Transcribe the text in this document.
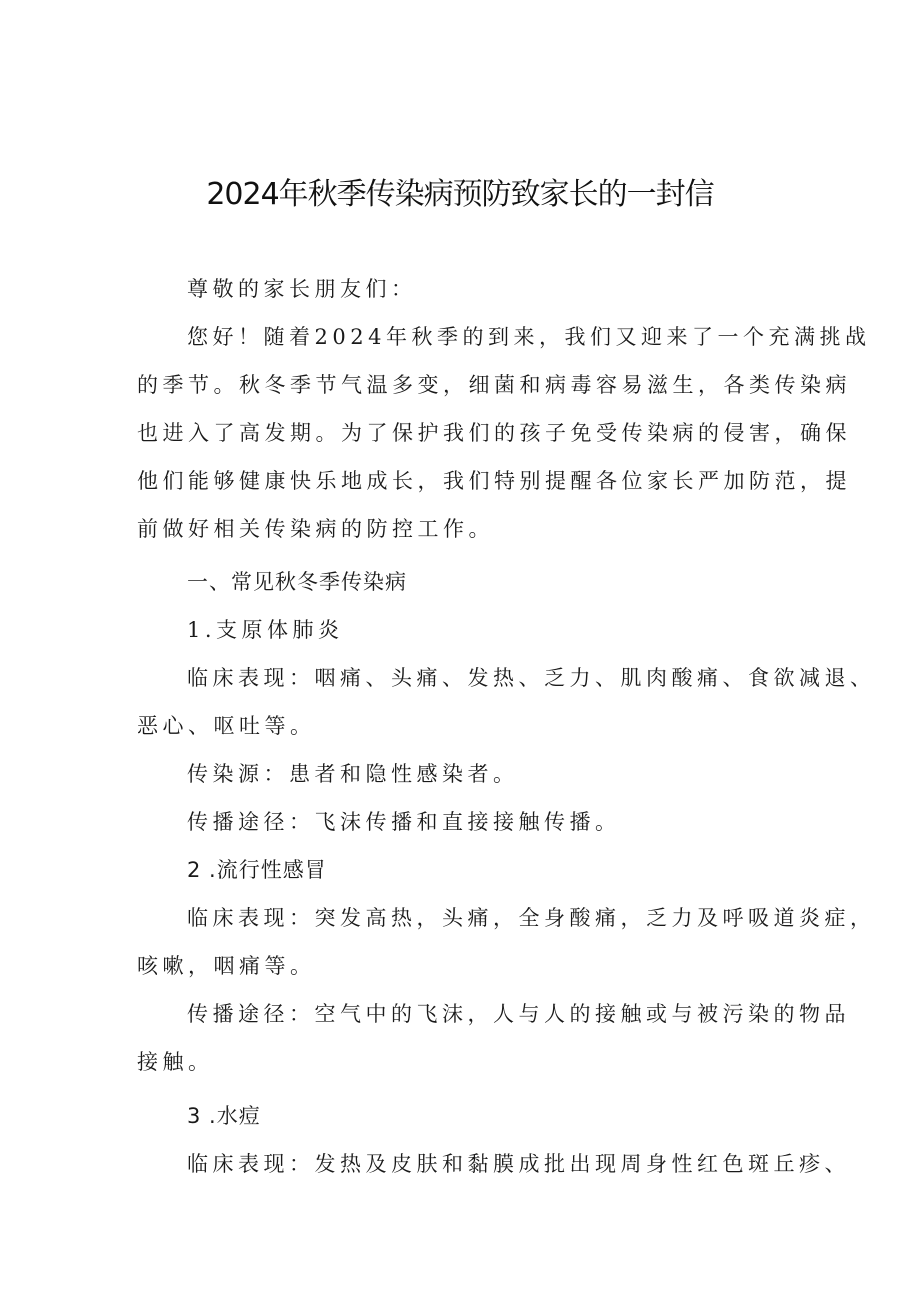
2024年秋季传染病预防致家长的一封信
尊敬的家长朋友们：
您好！随着2024年秋季的到来，我们又迎来了一个充满挑战
的季节。秋冬季节气温多变，细菌和病毒容易滋生，各类传染病
也进入了高发期。为了保护我们的孩子免受传染病的侵害，确保
他们能够健康快乐地成长，我们特别提醒各位家长严加防范，提
前做好相关传染病的防控工作。
一、常见秋冬季传染病
1.支原体肺炎
临床表现：咽痛、头痛、发热、乏力、肌肉酸痛、食欲减退、
恶心、呕吐等。
传染源：患者和隐性感染者。
传播途径：飞沫传播和直接接触传播。
2 .流行性感冒
临床表现：突发高热，头痛，全身酸痛，乏力及呼吸道炎症，
咳嗽，咽痛等。
传播途径：空气中的飞沫，人与人的接触或与被污染的物品
接触。
3 .水痘
临床表现：发热及皮肤和黏膜成批出现周身性红色斑丘疹、
